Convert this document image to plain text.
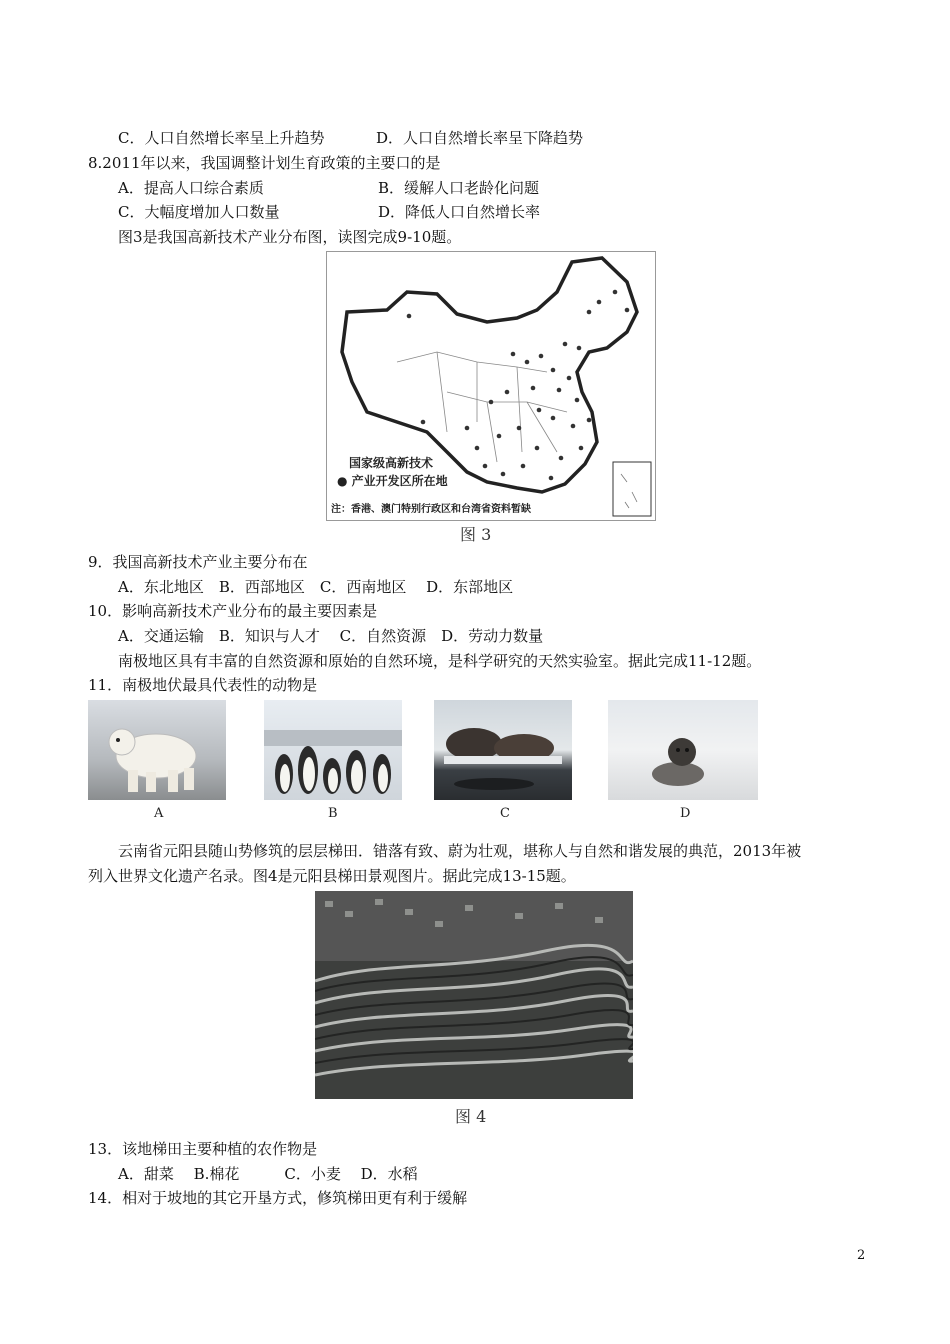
C．人口自然增长率呈上升趋势	D．人口自然增长率呈下降趋势
8.2011年以来，我国调整计划生育政策的主要口的是
A．提高人口综合素质	B．缓解人口老龄化问题
C．大幅度增加人口数量	D．降低人口自然增长率
图3是我国高新技术产业分布图，读图完成9-10题。
国家级高新技术
● 产业开发区所在地
注：香港、澳门特别行政区和台湾省资料暂缺
图 3
9．我国高新技术产业主要分布在
A．东北地区　B．西部地区　C．西南地区　 D．东部地区
10．影响高新技术产业分布的最主要因素是
A．交通运输　B．知识与人才　 C．自然资源　D．劳动力数量
南极地区具有丰富的自然资源和原始的自然环境，是科学研究的天然实验室。据此完成11-12题。
11．南极地伏最具代表性的动物是
A	B	C	D
云南省元阳县随山势修筑的层层梯田．错落有致、蔚为壮观，堪称人与自然和谐发展的典范，2013年被
列入世界文化遗产名录。图4是元阳县梯田景观图片。据此完成13-15题。
图 4
13．该地梯田主要种植的农作物是
A．甜菜　 B.棉花　　　C．小麦　 D．水稻
14．相对于坡地的其它开垦方式，修筑梯田更有利于缓解
2
